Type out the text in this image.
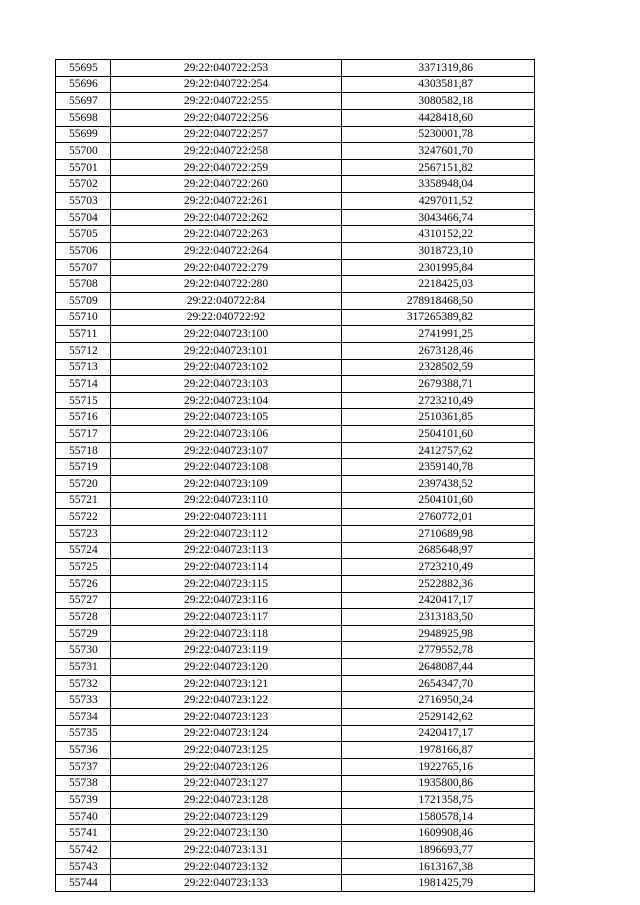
55695	29:22:040722:253	3371319,86
55696	29:22:040722:254	4303581,87
55697	29:22:040722:255	3080582,18
55698	29:22:040722:256	4428418,60
55699	29:22:040722:257	5230001,78
55700	29:22:040722:258	3247601,70
55701	29:22:040722:259	2567151,82
55702	29:22:040722:260	3358948,04
55703	29:22:040722:261	4297011,52
55704	29:22:040722:262	3043466,74
55705	29:22:040722:263	4310152,22
55706	29:22:040722:264	3018723,10
55707	29:22:040722:279	2301995,84
55708	29:22:040722:280	2218425,03
55709	29:22:040722:84	278918468,50
55710	29:22:040722:92	317265389,82
55711	29:22:040723:100	2741991,25
55712	29:22:040723:101	2673128,46
55713	29:22:040723:102	2328502,59
55714	29:22:040723:103	2679388,71
55715	29:22:040723:104	2723210,49
55716	29:22:040723:105	2510361,85
55717	29:22:040723:106	2504101,60
55718	29:22:040723:107	2412757,62
55719	29:22:040723:108	2359140,78
55720	29:22:040723:109	2397438,52
55721	29:22:040723:110	2504101,60
55722	29:22:040723:111	2760772,01
55723	29:22:040723:112	2710689,98
55724	29:22:040723:113	2685648,97
55725	29:22:040723:114	2723210,49
55726	29:22:040723:115	2522882,36
55727	29:22:040723:116	2420417,17
55728	29:22:040723:117	2313183,50
55729	29:22:040723:118	2948925,98
55730	29:22:040723:119	2779552,78
55731	29:22:040723:120	2648087,44
55732	29:22:040723:121	2654347,70
55733	29:22:040723:122	2716950,24
55734	29:22:040723:123	2529142,62
55735	29:22:040723:124	2420417,17
55736	29:22:040723:125	1978166,87
55737	29:22:040723:126	1922765,16
55738	29:22:040723:127	1935800,86
55739	29:22:040723:128	1721358,75
55740	29:22:040723:129	1580578,14
55741	29:22:040723:130	1609908,46
55742	29:22:040723:131	1896693,77
55743	29:22:040723:132	1613167,38
55744	29:22:040723:133	1981425,79
